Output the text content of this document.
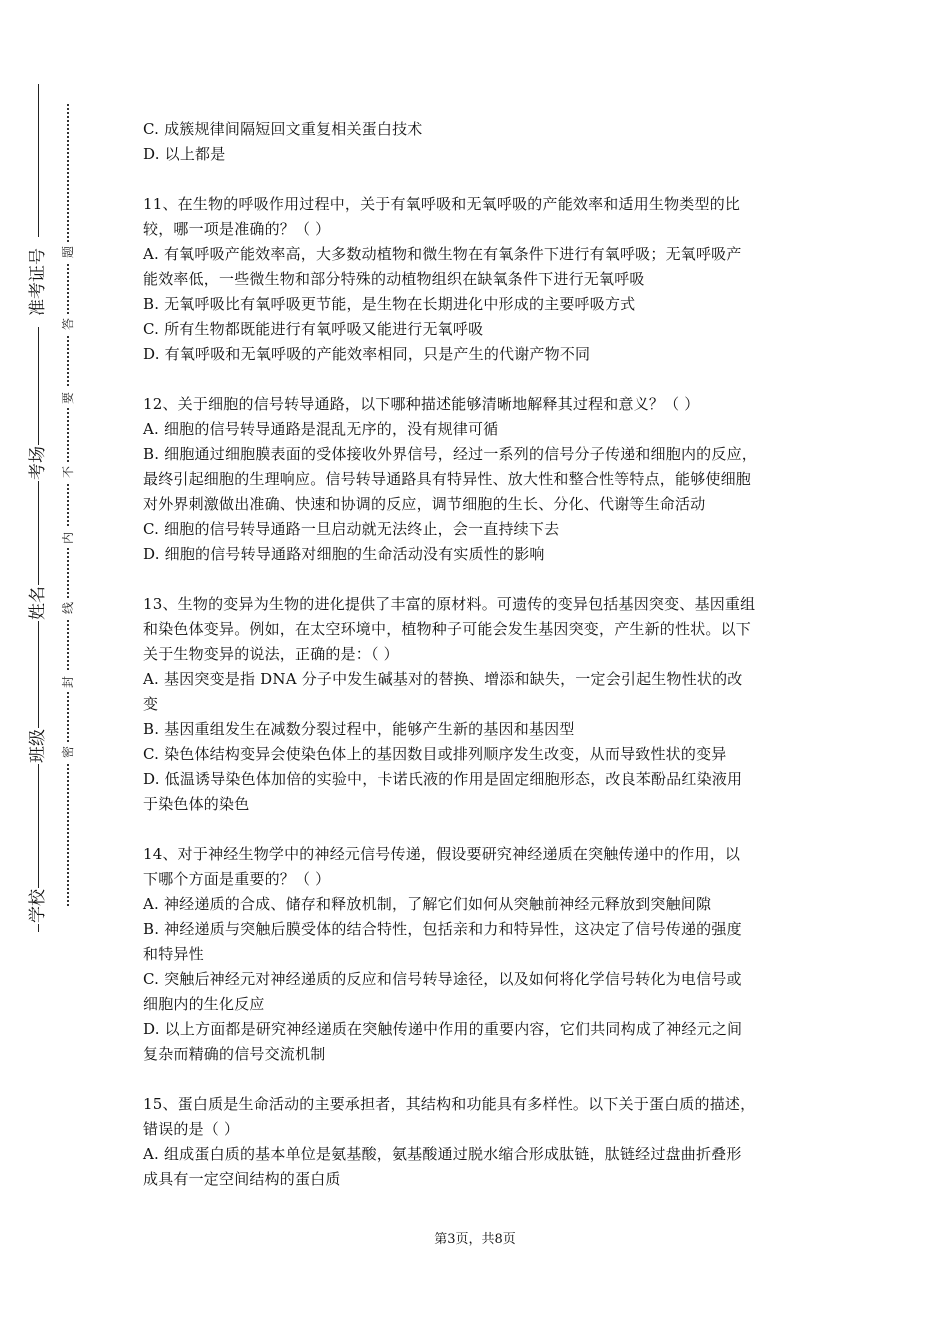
准考证号
考场
姓名
班级
学校
题
答
要
不
内
线
封
密
C. 成簇规律间隔短回文重复相关蛋白技术
D. 以上都是
11、在生物的呼吸作用过程中，关于有氧呼吸和无氧呼吸的产能效率和适用生物类型的比
较，哪一项是准确的？（ ）
A. 有氧呼吸产能效率高，大多数动植物和微生物在有氧条件下进行有氧呼吸；无氧呼吸产
能效率低，一些微生物和部分特殊的动植物组织在缺氧条件下进行无氧呼吸
B. 无氧呼吸比有氧呼吸更节能，是生物在长期进化中形成的主要呼吸方式
C. 所有生物都既能进行有氧呼吸又能进行无氧呼吸
D. 有氧呼吸和无氧呼吸的产能效率相同，只是产生的代谢产物不同
12、关于细胞的信号转导通路，以下哪种描述能够清晰地解释其过程和意义？（ ）
A. 细胞的信号转导通路是混乱无序的，没有规律可循
B. 细胞通过细胞膜表面的受体接收外界信号，经过一系列的信号分子传递和细胞内的反应，
最终引起细胞的生理响应。信号转导通路具有特异性、放大性和整合性等特点，能够使细胞
对外界刺激做出准确、快速和协调的反应，调节细胞的生长、分化、代谢等生命活动
C. 细胞的信号转导通路一旦启动就无法终止，会一直持续下去
D. 细胞的信号转导通路对细胞的生命活动没有实质性的影响
13、生物的变异为生物的进化提供了丰富的原材料。可遗传的变异包括基因突变、基因重组
和染色体变异。例如，在太空环境中，植物种子可能会发生基因突变，产生新的性状。以下
关于生物变异的说法，正确的是：（ ）
A. 基因突变是指 DNA 分子中发生碱基对的替换、增添和缺失，一定会引起生物性状的改
变
B. 基因重组发生在减数分裂过程中，能够产生新的基因和基因型
C. 染色体结构变异会使染色体上的基因数目或排列顺序发生改变，从而导致性状的变异
D. 低温诱导染色体加倍的实验中，卡诺氏液的作用是固定细胞形态，改良苯酚品红染液用
于染色体的染色
14、对于神经生物学中的神经元信号传递，假设要研究神经递质在突触传递中的作用，以
下哪个方面是重要的？（ ）
A. 神经递质的合成、储存和释放机制，了解它们如何从突触前神经元释放到突触间隙
B. 神经递质与突触后膜受体的结合特性，包括亲和力和特异性，这决定了信号传递的强度
和特异性
C. 突触后神经元对神经递质的反应和信号转导途径，以及如何将化学信号转化为电信号或
细胞内的生化反应
D. 以上方面都是研究神经递质在突触传递中作用的重要内容，它们共同构成了神经元之间
复杂而精确的信号交流机制
15、蛋白质是生命活动的主要承担者，其结构和功能具有多样性。以下关于蛋白质的描述，
错误的是（ ）
A. 组成蛋白质的基本单位是氨基酸，氨基酸通过脱水缩合形成肽链，肽链经过盘曲折叠形
成具有一定空间结构的蛋白质
第3页，共8页
